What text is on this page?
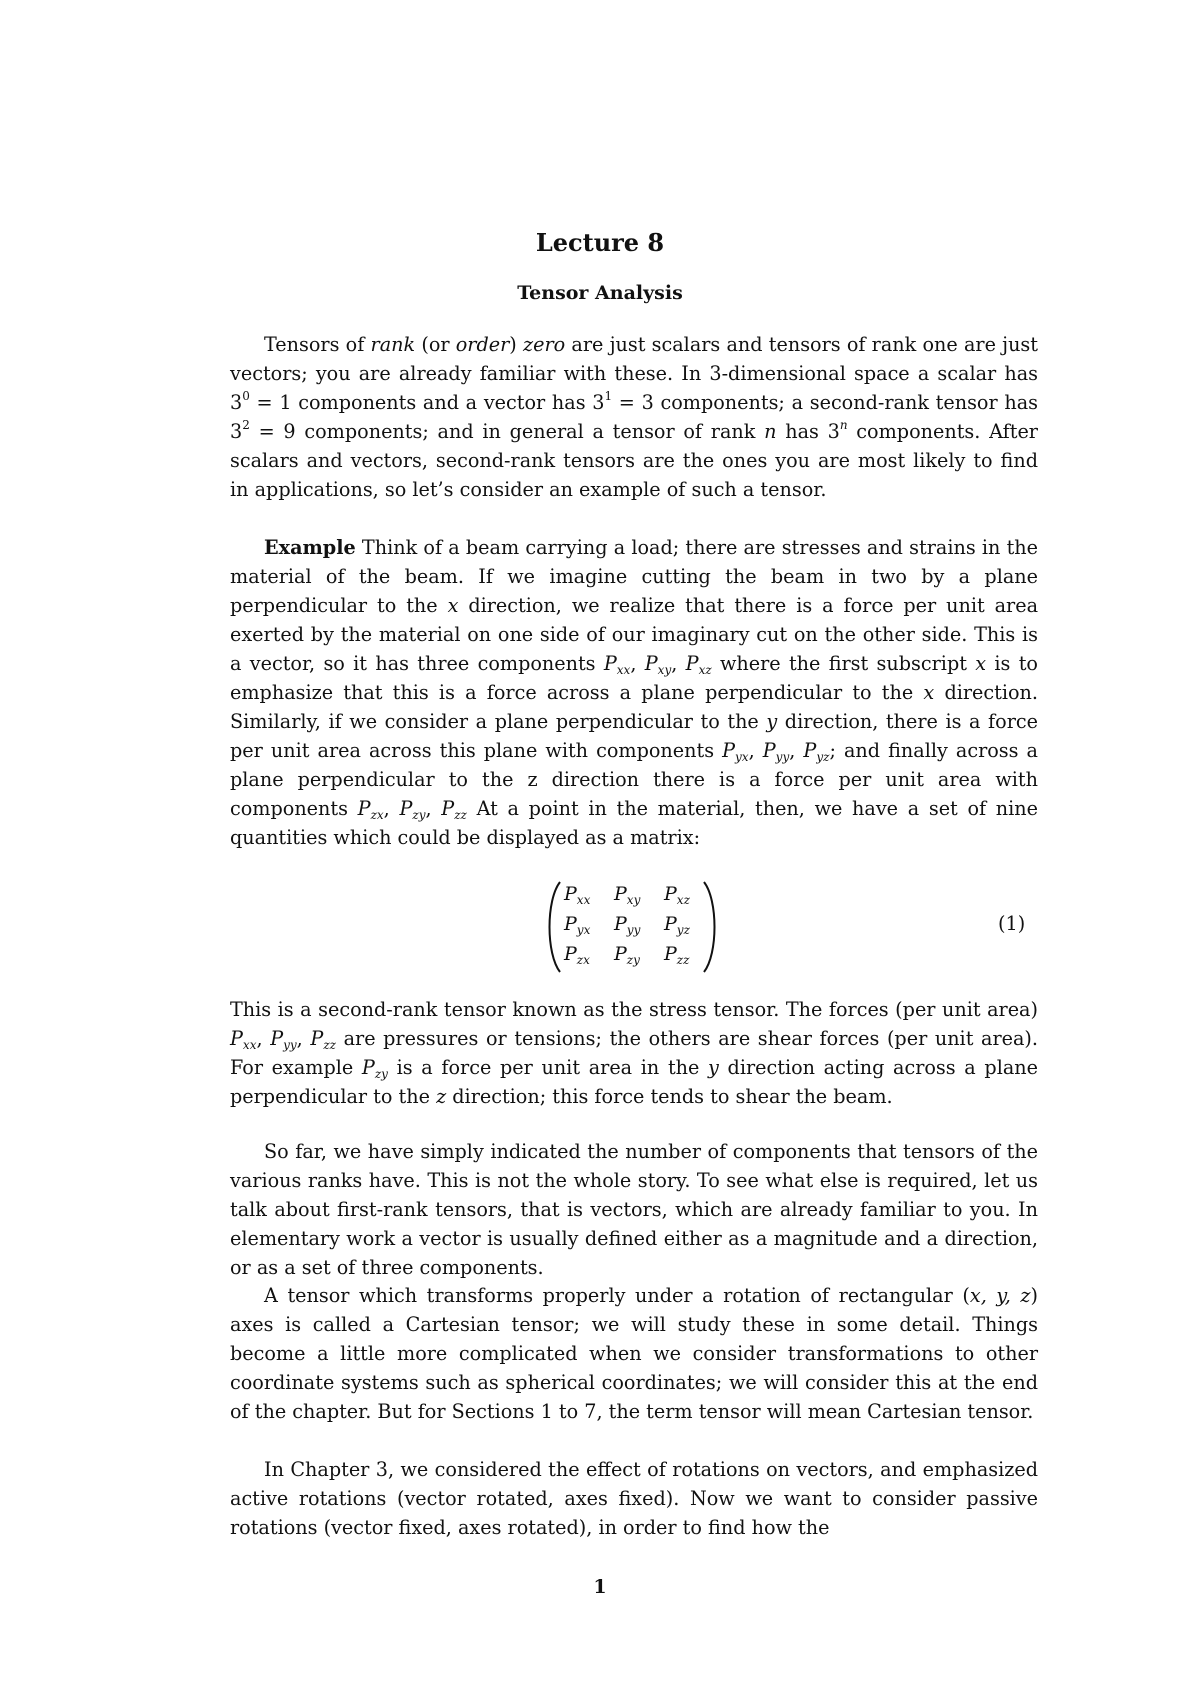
Lecture 8
Tensor Analysis

Tensors of rank (or order) zero are just scalars and tensors of rank one are just vectors; you are already familiar with these. In 3-dimensional space a scalar has $3^0 = 1$ components and a vector has $3^1 = 3$ components; a second-rank tensor has $3^2 = 9$ components; and in general a tensor of rank n has 3$^n$ components. After scalars and vectors, second-rank tensors are the ones you are most likely to find in applications, so let’s consider an example of such a tensor.

Example Think of a beam carrying a load; there are stresses and strains in the material of the beam. If we imagine cutting the beam in two by a plane perpendicular to the x direction, we realize that there is a force per unit area exerted by the material on one side of our imaginary cut on the other side. This is a vector, so it has three components $P_{xx}$, $P_{xy}$, $P_{xz}$ where the first subscript x is to emphasize that this is a force across a plane perpendicular to the x direction. Similarly, if we consider a plane perpendicular to the y direction, there is a force per unit area across this plane with components $P_{yx}$, $P_{yy}$, $P_{yz}$; and finally across a plane perpendicular to the z direction there is a force per unit area with components $P_{zx}$, $P_{zy}$, $P_{zz}$ At a point in the material, then, we have a set of nine quantities which could be displayed as a matrix:

$P_{xx}$	$P_{xy}$	$P_{xz}$
$P_{yx}$	$P_{yy}$	$P_{yz}$
$P_{zx}$	$P_{zy}$	$P_{zz}$
(1)

This is a second-rank tensor known as the stress tensor. The forces (per unit area) $P_{xx}$, $P_{yy}$, $P_{zz}$ are pressures or tensions; the others are shear forces (per unit area). For example $P_{zy}$ is a force per unit area in the y direction acting across a plane perpendicular to the z direction; this force tends to shear the beam.

So far, we have simply indicated the number of components that tensors of the various ranks have. This is not the whole story. To see what else is required, let us talk about first-rank tensors, that is vectors, which are already familiar to you. In elementary work a vector is usually defined either as a magnitude and a direction, or as a set of three components.

A tensor which transforms properly under a rotation of rectangular (x, y, z) axes is called a Cartesian tensor; we will study these in some detail. Things become a little more complicated when we consider transformations to other coordinate systems such as spherical coordinates; we will consider this at the end of the chapter. But for Sections 1 to 7, the term tensor will mean Cartesian tensor.

In Chapter 3, we considered the effect of rotations on vectors, and emphasized active rotations (vector rotated, axes fixed). Now we want to consider passive rotations (vector fixed, axes rotated), in order to find how the

1
